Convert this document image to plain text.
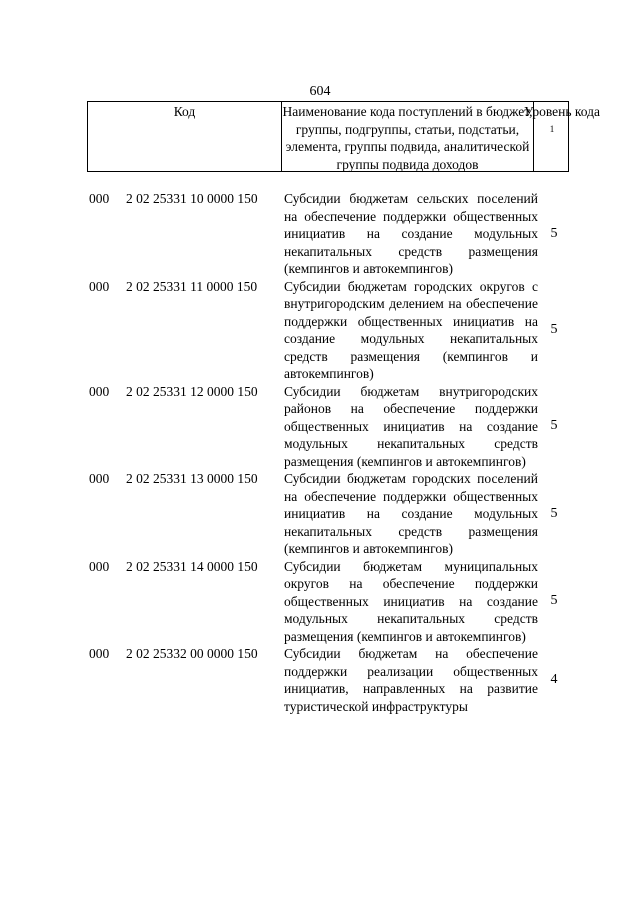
604
Код	Наименование кода поступлений в бюджет, группы, подгруппы, статьи, подстатьи, элемента, группы подвида, аналитической группы подвида доходов
Уровень кода$^1$
000 2 02 25331 10 0000 150 Субсидии бюджетам сельских поселений на обеспечение поддержки общественных инициатив на создание модульных некапитальных средств размещения (кемпингов и автокемпингов)
5
000 2 02 25331 11 0000 150 Субсидии бюджетам городских округов с внутригородским делением на обеспечение поддержки общественных инициатив на создание модульных некапитальных средств размещения (кемпингов и автокемпингов)
5
000 2 02 25331 12 0000 150 Субсидии бюджетам внутригородских районов на обеспечение поддержки общественных инициатив на создание модульных некапитальных средств размещения (кемпингов и автокемпингов)
5
000 2 02 25331 13 0000 150 Субсидии бюджетам городских поселений на обеспечение поддержки общественных инициатив на создание модульных некапитальных средств размещения (кемпингов и автокемпингов)
5
000 2 02 25331 14 0000 150 Субсидии бюджетам муниципальных округов на обеспечение поддержки общественных инициатив на создание модульных некапитальных средств размещения (кемпингов и автокемпингов)
5
000 2 02 25332 00 0000 150 Субсидии бюджетам на обеспечение поддержки реализации общественных инициатив, направленных на развитие туристической инфраструктуры
4
